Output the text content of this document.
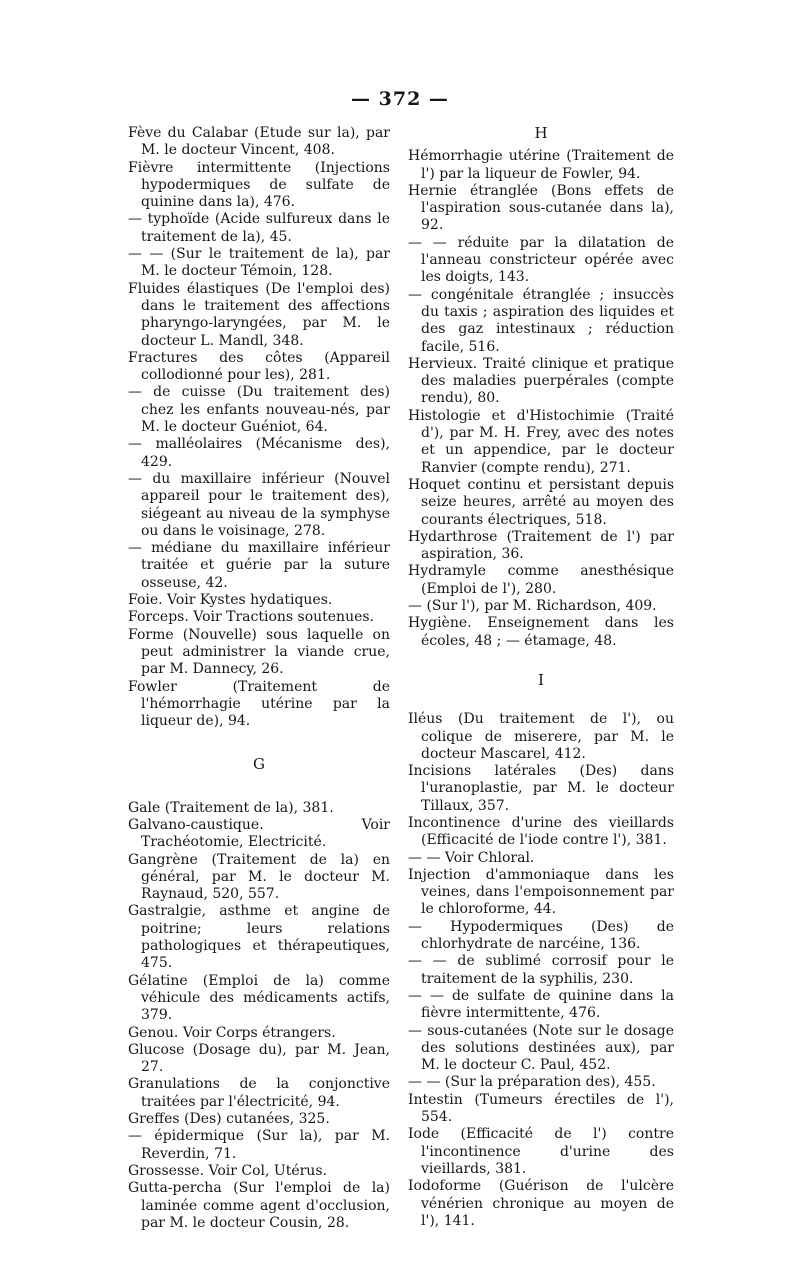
— 372 —

Fève du Calabar (Etude sur la), par M. le docteur Vincent, 408.

Fièvre intermittente (Injections hypodermiques de sulfate de quinine dans la), 476.

— typhoïde (Acide sulfureux dans le traitement de la), 45.

— — (Sur le traitement de la), par M. le docteur Témoin, 128.

Fluides élastiques (De l'emploi des) dans le traitement des affections pharyngo-laryngées, par M. le docteur L. Mandl, 348.

Fractures des côtes (Appareil collodionné pour les), 281.

— de cuisse (Du traitement des) chez les enfants nouveau-nés, par M. le docteur Guéniot, 64.

— malléolaires (Mécanisme des), 429.

— du maxillaire inférieur (Nouvel appareil pour le traitement des), siégeant au niveau de la symphyse ou dans le voisinage, 278.

— médiane du maxillaire inférieur traitée et guérie par la suture osseuse, 42.

Foie. Voir Kystes hydatiques.

Forceps. Voir Tractions soutenues.

Forme (Nouvelle) sous laquelle on peut administrer la viande crue, par M. Dannecy, 26.

Fowler (Traitement de l'hémorrhagie utérine par la liqueur de), 94.

G

Gale (Traitement de la), 381.

Galvano-caustique. Voir Trachéotomie, Electricité.

Gangrène (Traitement de la) en général, par M. le docteur M. Raynaud, 520, 557.

Gastralgie, asthme et angine de poitrine; leurs relations pathologiques et thérapeutiques, 475.

Gélatine (Emploi de la) comme véhicule des médicaments actifs, 379.

Genou. Voir Corps étrangers.

Glucose (Dosage du), par M. Jean, 27.

Granulations de la conjonctive traitées par l'électricité, 94.

Greffes (Des) cutanées, 325.

— épidermique (Sur la), par M. Reverdin, 71.

Grossesse. Voir Col, Utérus.

Gutta-percha (Sur l'emploi de la) laminée comme agent d'occlusion, par M. le docteur Cousin, 28.

H

Hémorrhagie utérine (Traitement de l') par la liqueur de Fowler, 94.

Hernie étranglée (Bons effets de l'aspiration sous-cutanée dans la), 92.

— — réduite par la dilatation de l'anneau constricteur opérée avec les doigts, 143.

— congénitale étranglée ; insuccès du taxis ; aspiration des liquides et des gaz intestinaux ; réduction facile, 516.

Hervieux. Traité clinique et pratique des maladies puerpérales (compte rendu), 80.

Histologie et d'Histochimie (Traité d'), par M. H. Frey, avec des notes et un appendice, par le docteur Ranvier (compte rendu), 271.

Hoquet continu et persistant depuis seize heures, arrêté au moyen des courants électriques, 518.

Hydarthrose (Traitement de l') par aspiration, 36.

Hydramyle comme anesthésique (Emploi de l'), 280.

— (Sur l'), par M. Richardson, 409.

Hygiène. Enseignement dans les écoles, 48 ; — étamage, 48.

I

Iléus (Du traitement de l'), ou colique de miserere, par M. le docteur Mascarel, 412.

Incisions latérales (Des) dans l'uranoplastie, par M. le docteur Tillaux, 357.

Incontinence d'urine des vieillards (Efficacité de l'iode contre l'), 381.

— — Voir Chloral.

Injection d'ammoniaque dans les veines, dans l'empoisonnement par le chloroforme, 44.

— Hypodermiques (Des) de chlorhydrate de narcéine, 136.

— — de sublimé corrosif pour le traitement de la syphilis, 230.

— — de sulfate de quinine dans la fièvre intermittente, 476.

— sous-cutanées (Note sur le dosage des solutions destinées aux), par M. le docteur C. Paul, 452.

— — (Sur la préparation des), 455.

Intestin (Tumeurs érectiles de l'), 554.

Iode (Efficacité de l') contre l'incontinence d'urine des vieillards, 381.

Iodoforme (Guérison de l'ulcère vénérien chronique au moyen de l'), 141.
